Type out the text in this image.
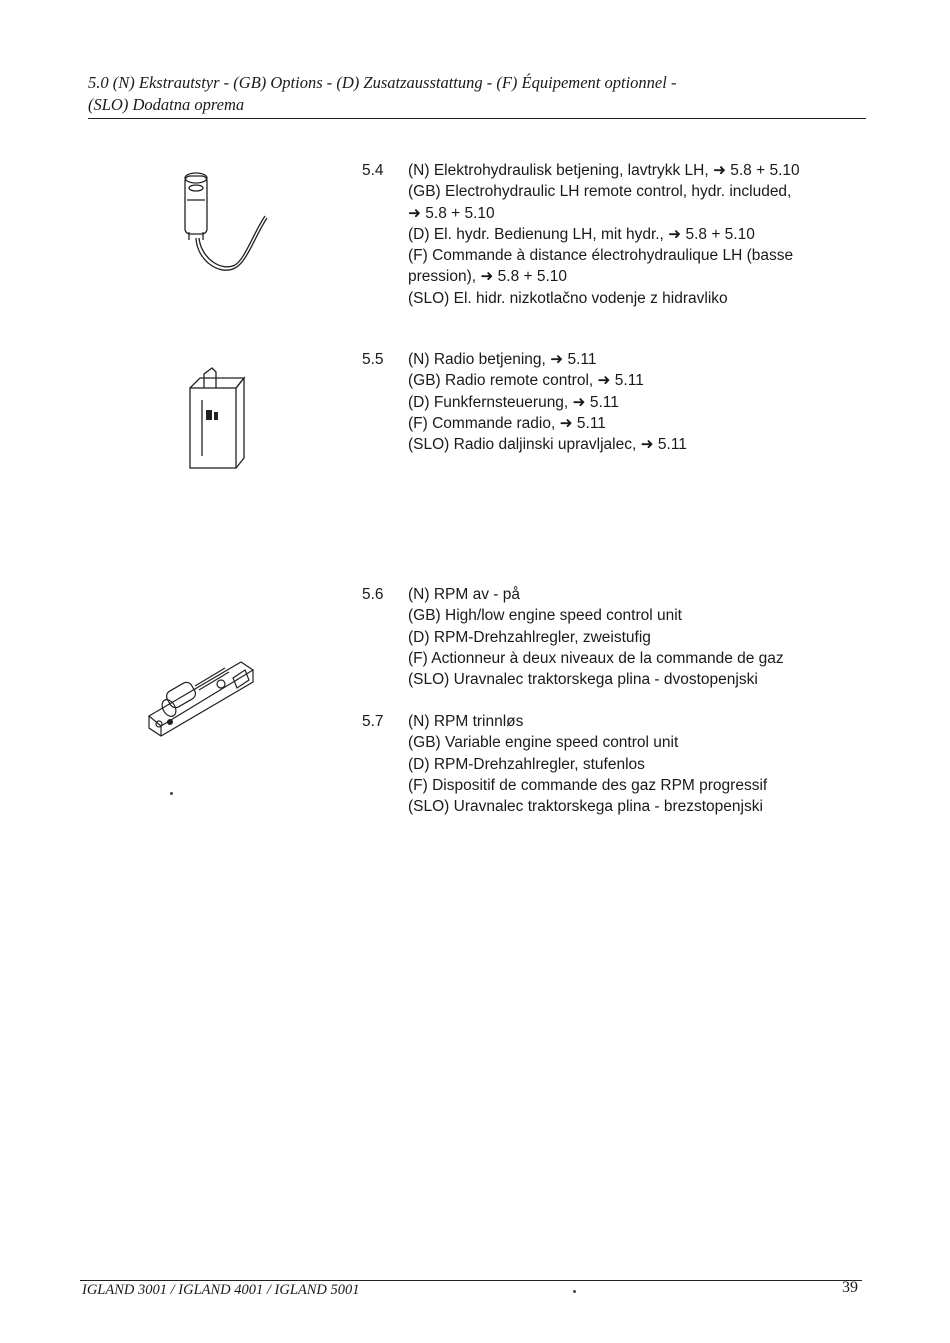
5.0 (N) Ekstrautstyr - (GB) Options - (D) Zusatzausstattung - (F) Équipement optionnel -
(SLO) Dodatna oprema
5.4 (N) Elektrohydraulisk betjening, lavtrykk LH, ➜ 5.8 + 5.10
(GB) Electrohydraulic LH remote control, hydr. included,
➜ 5.8 + 5.10
(D) El. hydr. Bedienung LH, mit hydr., ➜ 5.8 + 5.10
(F) Commande à distance électrohydraulique LH (basse
pression), ➜ 5.8 + 5.10
(SLO) El. hidr. nizkotlačno vodenje z hidravliko
5.5 (N) Radio betjening, ➜ 5.11
(GB) Radio remote control, ➜ 5.11
(D) Funkfernsteuerung, ➜ 5.11
(F) Commande radio, ➜ 5.11
(SLO) Radio daljinski upravljalec, ➜ 5.11
5.6 (N) RPM av - på
(GB) High/low engine speed control unit
(D) RPM-Drehzahlregler, zweistufig
(F) Actionneur à deux niveaux de la commande de gaz
(SLO) Uravnalec traktorskega plina - dvostopenjski
5.7 (N) RPM trinnløs
(GB) Variable engine speed control unit
(D) RPM-Drehzahlregler, stufenlos
(F) Dispositif de commande des gaz RPM progressif
(SLO) Uravnalec traktorskega plina - brezstopenjski
IGLAND 3001 / IGLAND 4001 / IGLAND 5001	39
